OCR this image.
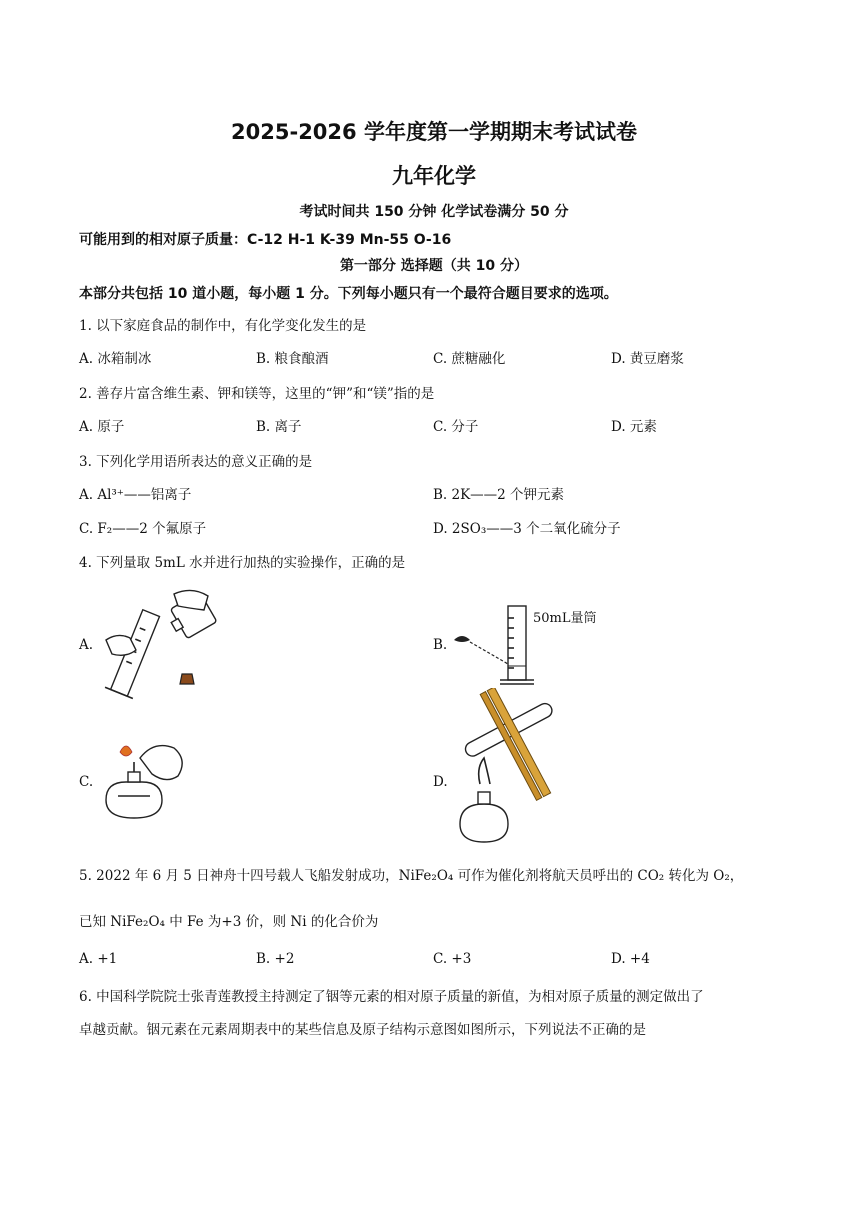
2025-2026 学年度第一学期期末考试试卷
九年化学
考试时间共 150 分钟 化学试卷满分 50 分
可能用到的相对原子质量：C-12 H-1 K-39 Mn-55 O-16
第一部分 选择题（共 10 分）
本部分共包括 10 道小题，每小题 1 分。下列每小题只有一个最符合题目要求的选项。
1. 以下家庭食品的制作中，有化学变化发生的是
A. 冰箱制冰	B. 粮食酿酒	C. 蔗糖融化	D. 黄豆磨浆
2. 善存片富含维生素、钾和镁等，这里的“钾”和“镁”指的是
A. 原子	B. 离子	C. 分子	D. 元素
3. 下列化学用语所表达的意义正确的是
A. Al³⁺——铝离子	B. 2K——2 个钾元素
C. F₂——2 个氟原子	D. 2SO₃——3 个二氧化硫分子
4. 下列量取 5mL 水并进行加热的实验操作，正确的是
A.	B.
50mL量筒
C.	D.
5. 2022 年 6 月 5 日神舟十四号载人飞船发射成功，NiFe₂O₄ 可作为催化剂将航天员呼出的 CO₂ 转化为 O₂，
已知 NiFe₂O₄ 中 Fe 为+3 价，则 Ni 的化合价为
A. +1	B. +2	C. +3	D. +4
6. 中国科学院院士张青莲教授主持测定了铟等元素的相对原子质量的新值，为相对原子质量的测定做出了
卓越贡献。铟元素在元素周期表中的某些信息及原子结构示意图如图所示，下列说法不正确的是
